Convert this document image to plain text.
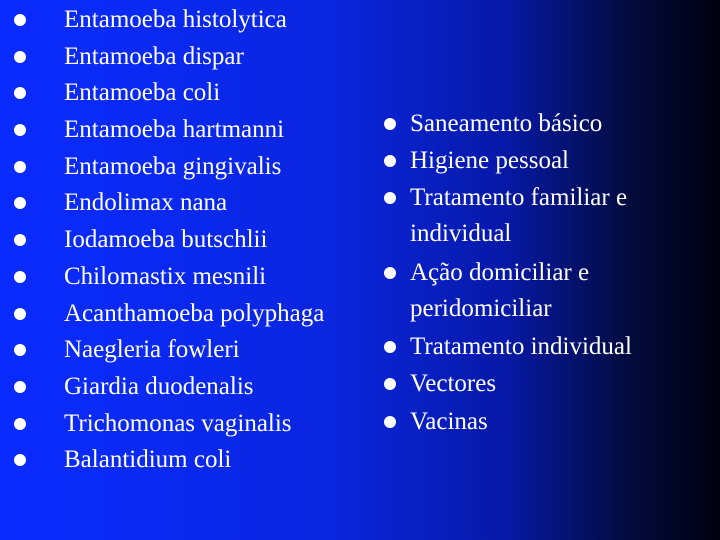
Entamoeba histolytica
Entamoeba dispar
Entamoeba coli
Entamoeba hartmanni
Entamoeba gingivalis
Endolimax nana
Iodamoeba butschlii
Chilomastix mesnili
Acanthamoeba polyphaga
Naegleria fowleri
Giardia duodenalis
Trichomonas vaginalis
Balantidium coli
Saneamento básico
Higiene pessoal
Tratamento familiar e individual
Ação domiciliar e peridomiciliar
Tratamento individual
Vectores
Vacinas
